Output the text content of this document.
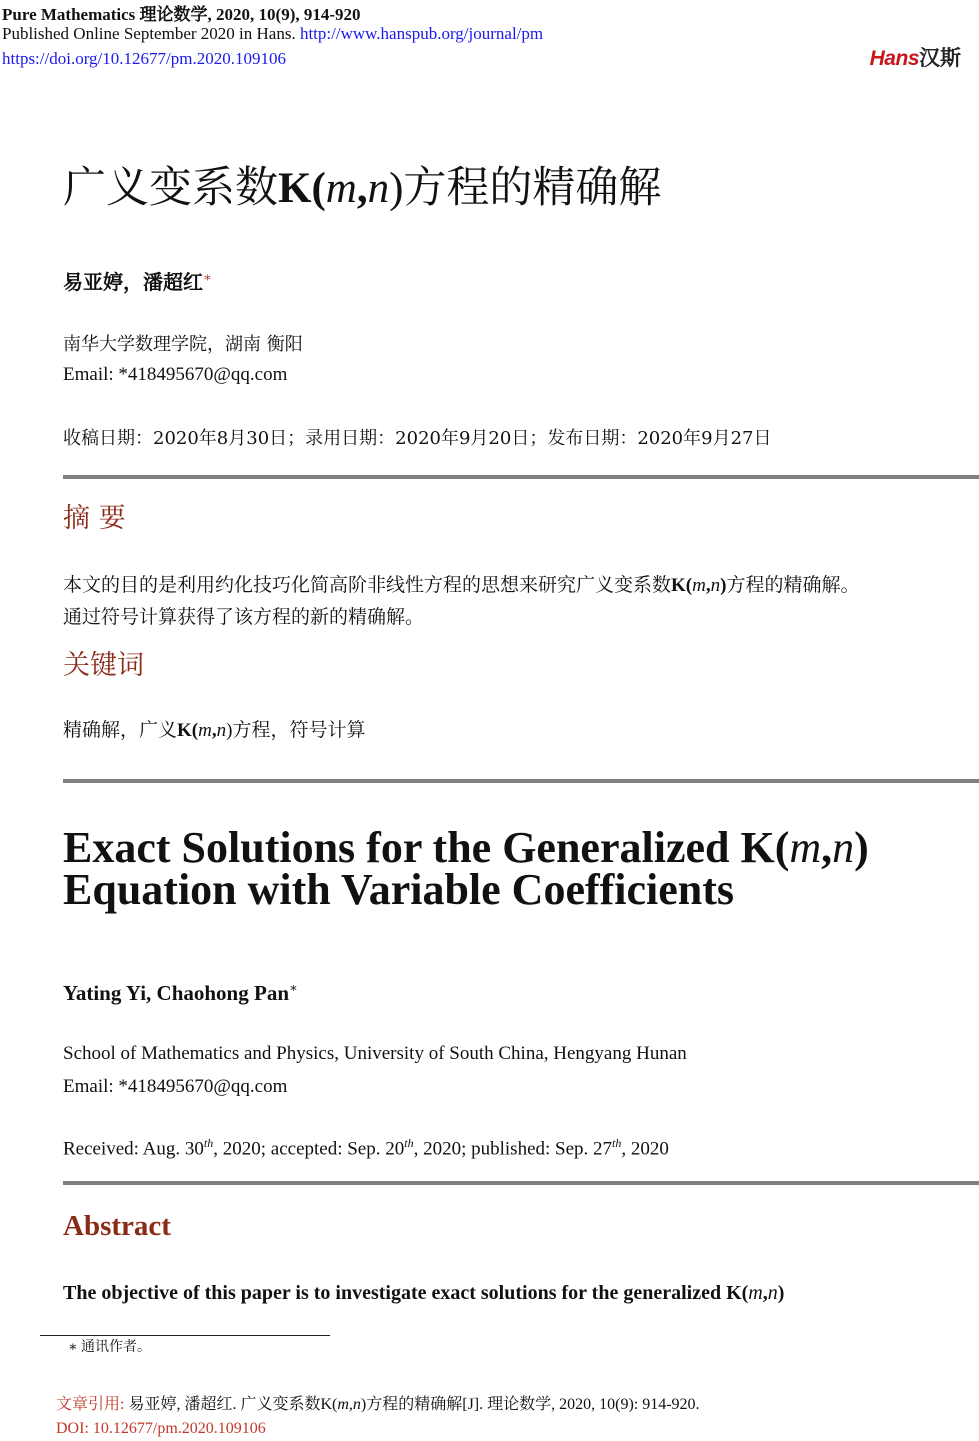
Pure Mathematics 理论数学, 2020, 10(9), 914-920
Published Online September 2020 in Hans. http://www.hanspub.org/journal/pm
https://doi.org/10.12677/pm.2020.109106	Hans汉斯
广义变系数K(m,n)方程的精确解
易亚婷，潘超红∗
南华大学数理学院，湖南 衡阳
Email: *418495670@qq.com
收稿日期：2020年8月30日；录用日期：2020年9月20日；发布日期：2020年9月27日
摘 要
本文的目的是利用约化技巧化简高阶非线性方程的思想来研究广义变系数K(m,n)方程的精确解。
通过符号计算获得了该方程的新的精确解。
关键词
精确解，广义K(m,n)方程，符号计算
Exact Solutions for the Generalized K(m,n)
Equation with Variable Coefficients
Yating Yi, Chaohong Pan∗
School of Mathematics and Physics, University of South China, Hengyang Hunan
Email: *418495670@qq.com
Received: Aug. 30th, 2020; accepted: Sep. 20th, 2020; published: Sep. 27th, 2020
Abstract
The objective of this paper is to investigate exact solutions for the generalized K(m,n)
∗ 通讯作者。
文章引用: 易亚婷, 潘超红. 广义变系数K(m,n)方程的精确解[J]. 理论数学, 2020, 10(9): 914-920.
DOI: 10.12677/pm.2020.109106
